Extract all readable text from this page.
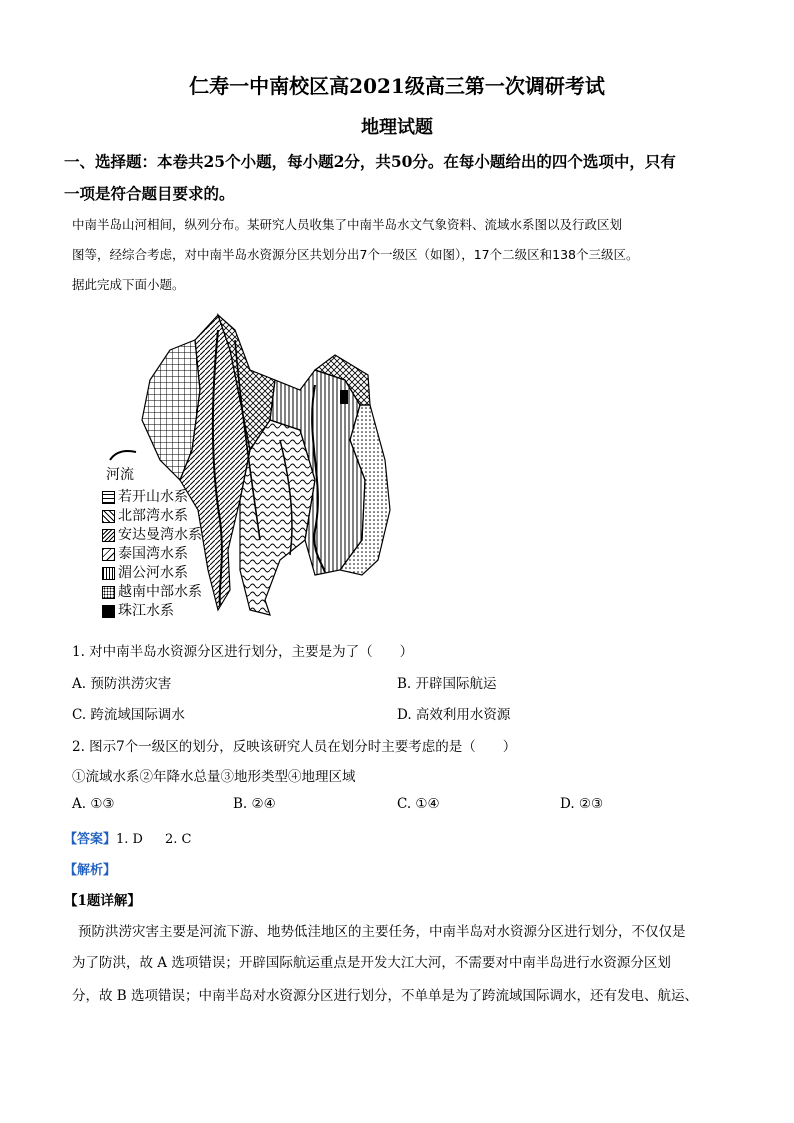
仁寿一中南校区高2021级高三第一次调研考试
地理试题
一、选择题：本卷共25个小题，每小题2分，共50分。在每小题给出的四个选项中，只有
一项是符合题目要求的。
中南半岛山河相间，纵列分布。某研究人员收集了中南半岛水文气象资料、流域水系图以及行政区划
图等，经综合考虑，对中南半岛水资源分区共划分出7个一级区（如图），17个二级区和138个三级区。
据此完成下面小题。
河流
若开山水系
北部湾水系
安达曼湾水系
泰国湾水系
湄公河水系
越南中部水系
珠江水系
1. 对中南半岛水资源分区进行划分，主要是为了（　　）
A. 预防洪涝灾害	B. 开辟国际航运
C. 跨流域国际调水	D. 高效利用水资源
2. 图示7个一级区的划分，反映该研究人员在划分时主要考虑的是（　　）
①流域水系②年降水总量③地形类型④地理区域
A. ①③	B. ②④	C. ①④	D. ②③
【答案】1. D 2. C
【解析】
【1题详解】
预防洪涝灾害主要是河流下游、地势低洼地区的主要任务，中南半岛对水资源分区进行划分，不仅仅是
为了防洪，故 A 选项错误；开辟国际航运重点是开发大江大河，不需要对中南半岛进行水资源分区划
分，故 B 选项错误；中南半岛对水资源分区进行划分，不单单是为了跨流域国际调水，还有发电、航运、
